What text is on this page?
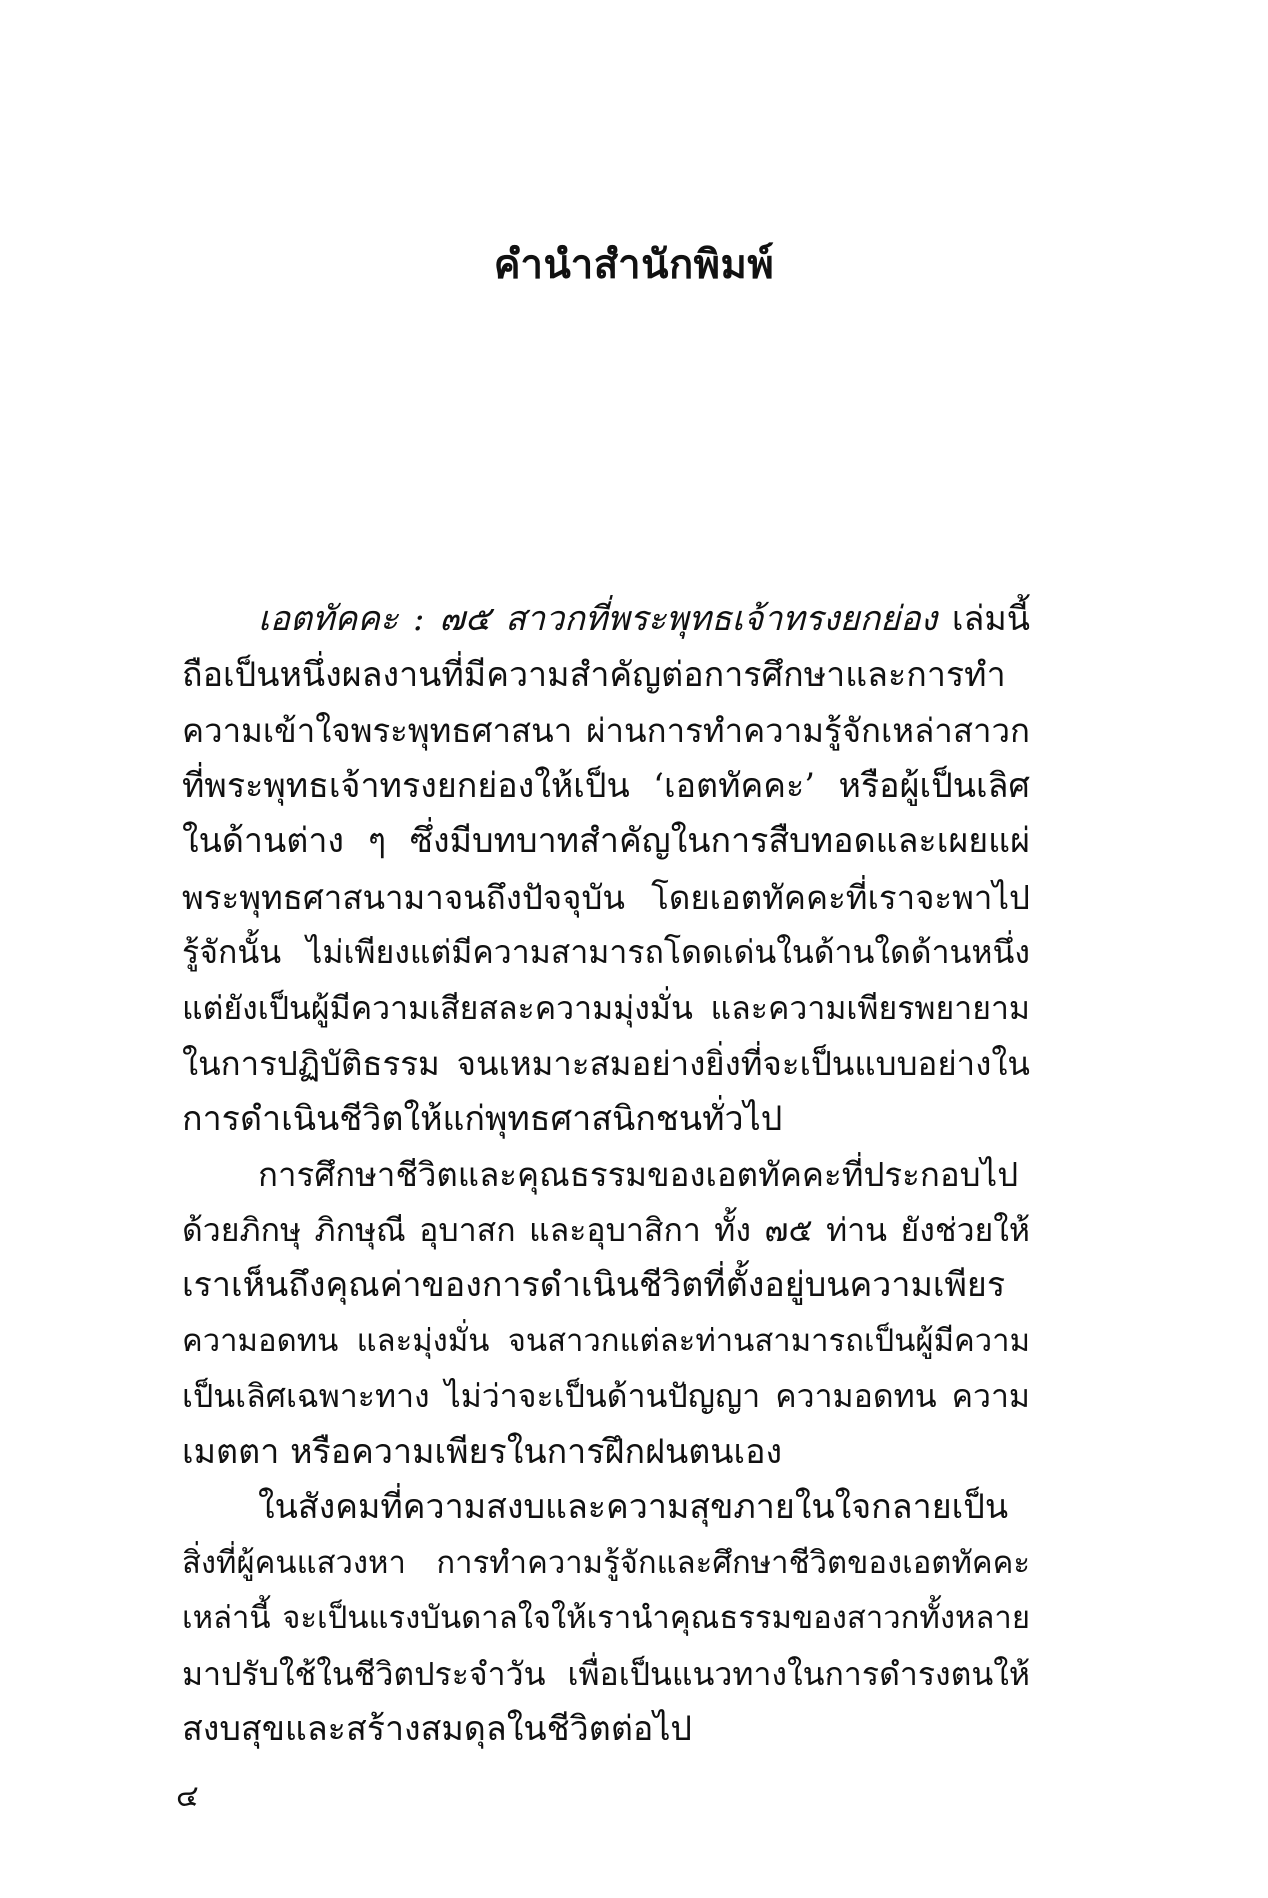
คำนำสำนักพิมพ์
เอตทัคคะ : ๗๕ สาวกที่พระพุทธเจ้าทรงยกย่อง เล่มนี้
ถือเป็นหนึ่งผลงานที่มีความสำคัญต่อการศึกษาและการทำ
ความเข้าใจพระพุทธศาสนา ผ่านการทำความรู้จักเหล่าสาวก
ที่พระพุทธเจ้าทรงยกย่องให้เป็น ‘เอตทัคคะ’ หรือผู้เป็นเลิศ
ในด้านต่าง ๆ ซึ่งมีบทบาทสำคัญในการสืบทอดและเผยแผ่
พระพุทธศาสนามาจนถึงปัจจุบัน โดยเอตทัคคะที่เราจะพาไป
รู้จักนั้น ไม่เพียงแต่มีความสามารถโดดเด่นในด้านใดด้านหนึ่ง
แต่ยังเป็นผู้มีความเสียสละความมุ่งมั่น และความเพียรพยายาม
ในการปฏิบัติธรรม จนเหมาะสมอย่างยิ่งที่จะเป็นแบบอย่างใน
การดำเนินชีวิตให้แก่พุทธศาสนิกชนทั่วไป
การศึกษาชีวิตและคุณธรรมของเอตทัคคะที่ประกอบไป
ด้วยภิกษุ ภิกษุณี อุบาสก และอุบาสิกา ทั้ง ๗๕ ท่าน ยังช่วยให้
เราเห็นถึงคุณค่าของการดำเนินชีวิตที่ตั้งอยู่บนความเพียร
ความอดทน และมุ่งมั่น จนสาวกแต่ละท่านสามารถเป็นผู้มีความ
เป็นเลิศเฉพาะทาง ไม่ว่าจะเป็นด้านปัญญา ความอดทน ความ
เมตตา หรือความเพียรในการฝึกฝนตนเอง
ในสังคมที่ความสงบและความสุขภายในใจกลายเป็น
สิ่งที่ผู้คนแสวงหา การทำความรู้จักและศึกษาชีวิตของเอตทัคคะ
เหล่านี้ จะเป็นแรงบันดาลใจให้เรานำคุณธรรมของสาวกทั้งหลาย
มาปรับใช้ในชีวิตประจำวัน เพื่อเป็นแนวทางในการดำรงตนให้
สงบสุขและสร้างสมดุลในชีวิตต่อไป
๔
